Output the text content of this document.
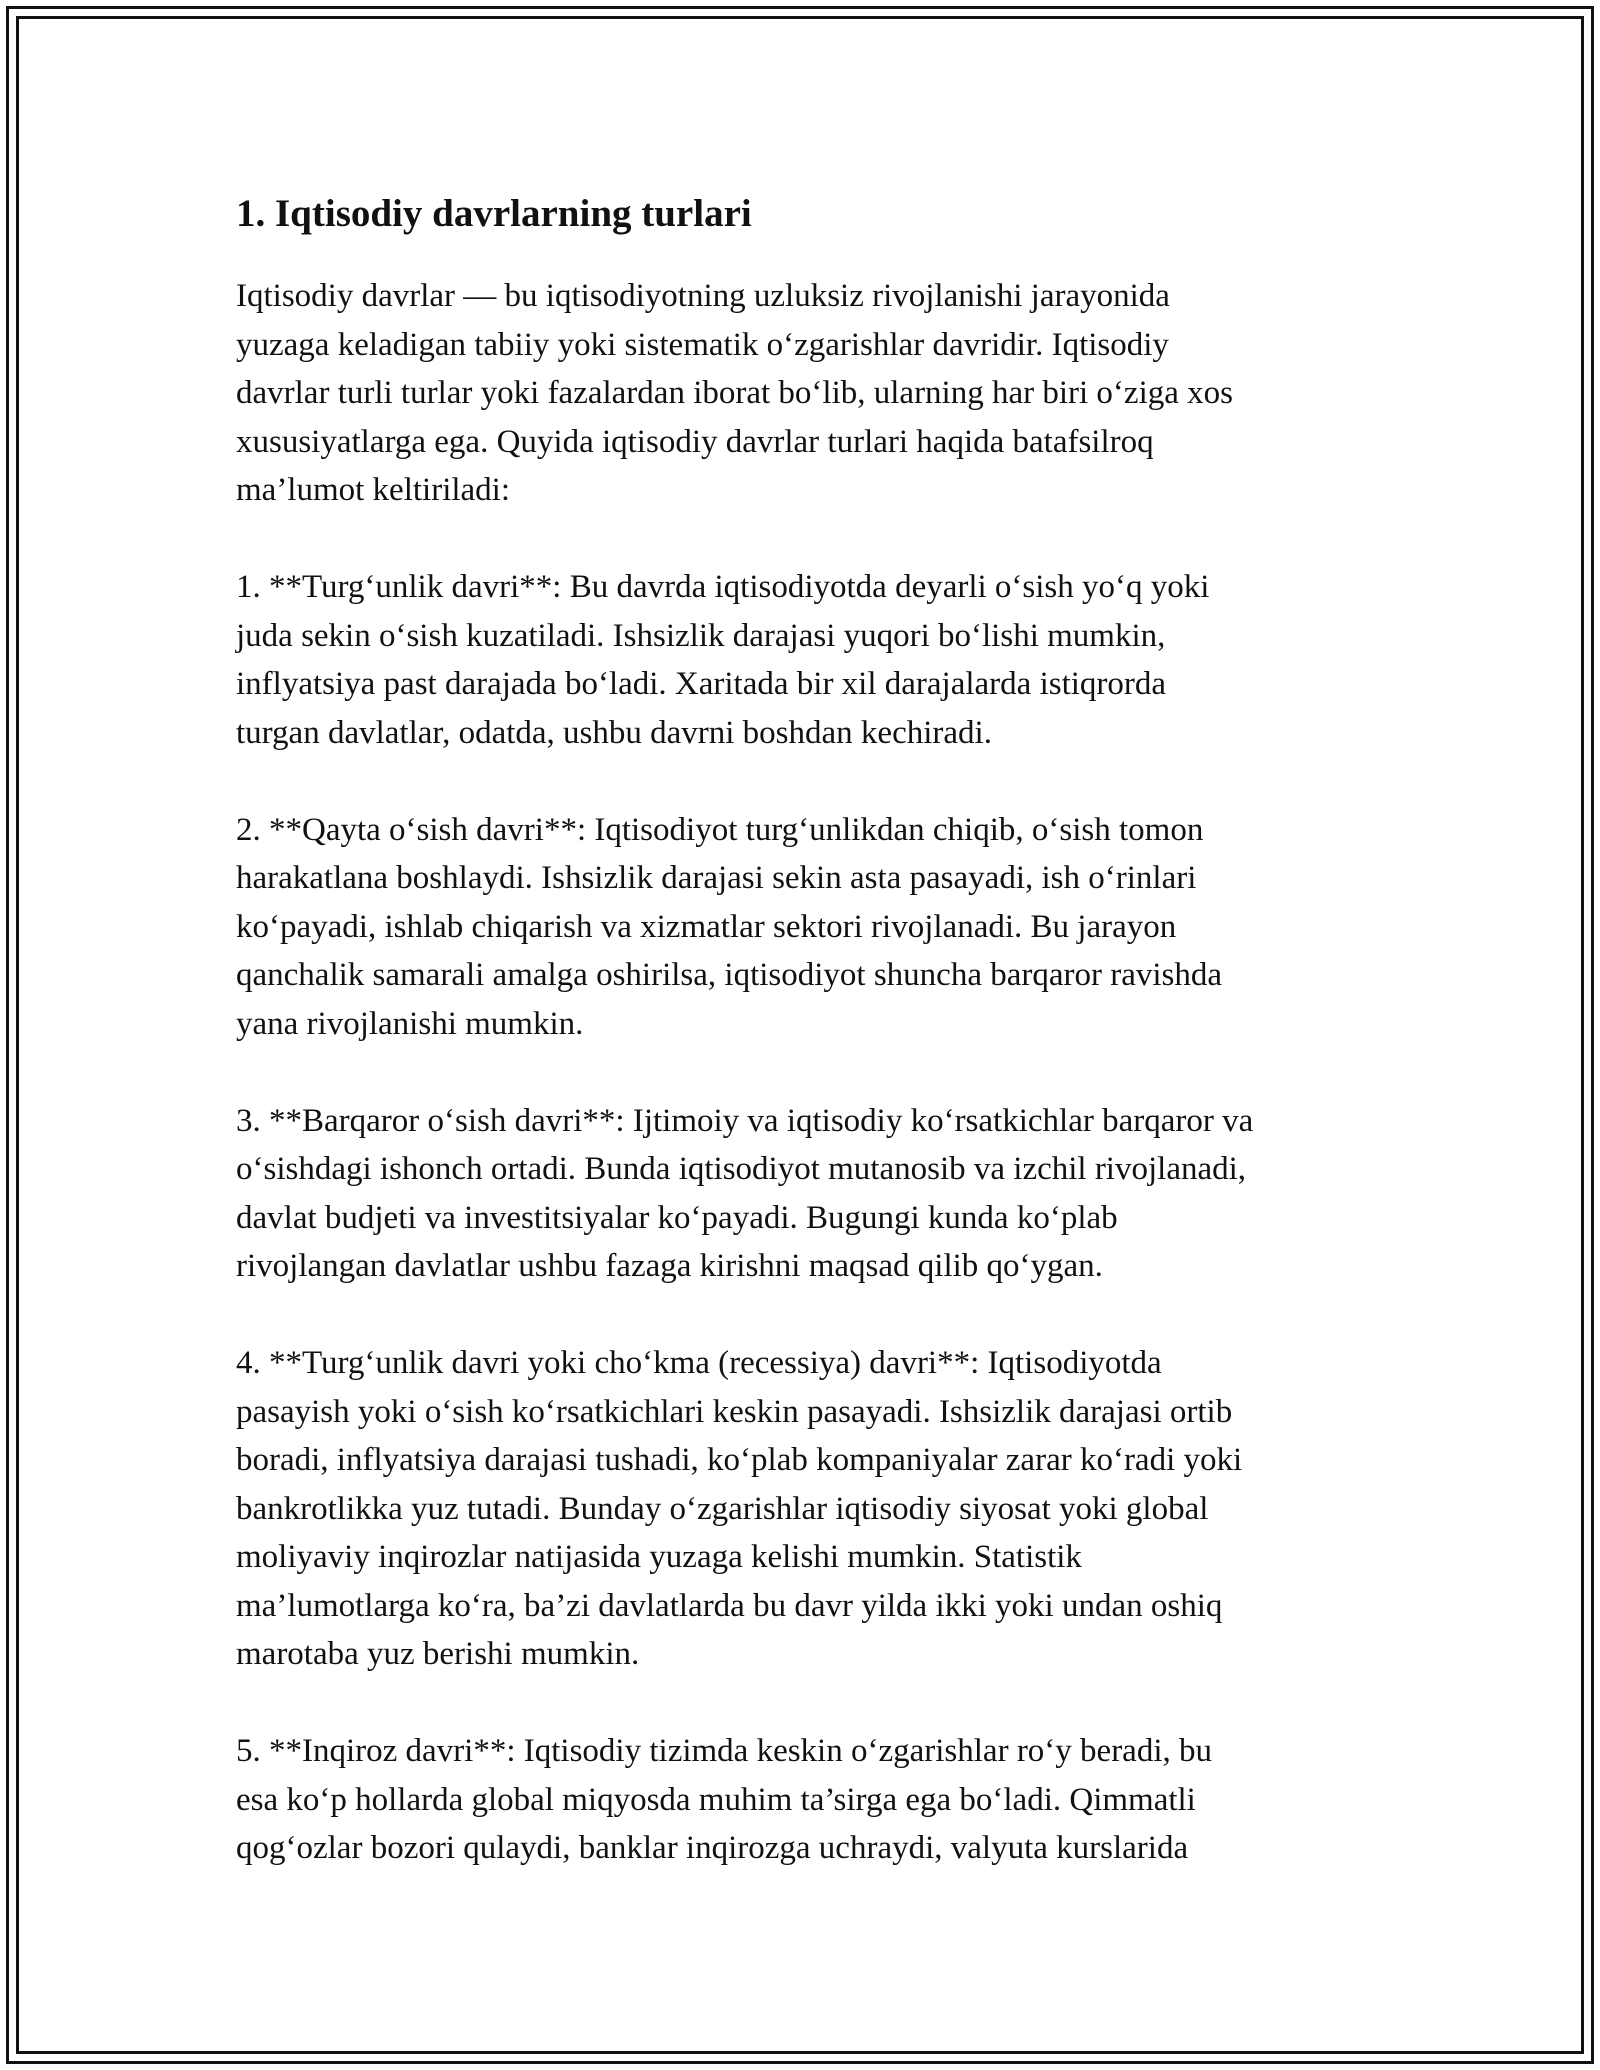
1. Iqtisodiy davrlarning turlari

Iqtisodiy davrlar — bu iqtisodiyotning uzluksiz rivojlanishi jarayonida
yuzaga keladigan tabiiy yoki sistematik o‘zgarishlar davridir. Iqtisodiy
davrlar turli turlar yoki fazalardan iborat bo‘lib, ularning har biri o‘ziga xos
xususiyatlarga ega. Quyida iqtisodiy davrlar turlari haqida batafsilroq
ma’lumot keltiriladi:

1. **Turg‘unlik davri**: Bu davrda iqtisodiyotda deyarli o‘sish yo‘q yoki
juda sekin o‘sish kuzatiladi. Ishsizlik darajasi yuqori bo‘lishi mumkin,
inflyatsiya past darajada bo‘ladi. Xaritada bir xil darajalarda istiqrorda
turgan davlatlar, odatda, ushbu davrni boshdan kechiradi.

2. **Qayta o‘sish davri**: Iqtisodiyot turg‘unlikdan chiqib, o‘sish tomon
harakatlana boshlaydi. Ishsizlik darajasi sekin asta pasayadi, ish o‘rinlari
ko‘payadi, ishlab chiqarish va xizmatlar sektori rivojlanadi. Bu jarayon
qanchalik samarali amalga oshirilsa, iqtisodiyot shuncha barqaror ravishda
yana rivojlanishi mumkin.

3. **Barqaror o‘sish davri**: Ijtimoiy va iqtisodiy ko‘rsatkichlar barqaror va
o‘sishdagi ishonch ortadi. Bunda iqtisodiyot mutanosib va izchil rivojlanadi,
davlat budjeti va investitsiyalar ko‘payadi. Bugungi kunda ko‘plab
rivojlangan davlatlar ushbu fazaga kirishni maqsad qilib qo‘ygan.

4. **Turg‘unlik davri yoki cho‘kma (recessiya) davri**: Iqtisodiyotda
pasayish yoki o‘sish ko‘rsatkichlari keskin pasayadi. Ishsizlik darajasi ortib
boradi, inflyatsiya darajasi tushadi, ko‘plab kompaniyalar zarar ko‘radi yoki
bankrotlikka yuz tutadi. Bunday o‘zgarishlar iqtisodiy siyosat yoki global
moliyaviy inqirozlar natijasida yuzaga kelishi mumkin. Statistik
ma’lumotlarga ko‘ra, ba’zi davlatlarda bu davr yilda ikki yoki undan oshiq
marotaba yuz berishi mumkin.

5. **Inqiroz davri**: Iqtisodiy tizimda keskin o‘zgarishlar ro‘y beradi, bu
esa ko‘p hollarda global miqyosda muhim ta’sirga ega bo‘ladi. Qimmatli
qog‘ozlar bozori qulaydi, banklar inqirozga uchraydi, valyuta kurslarida
